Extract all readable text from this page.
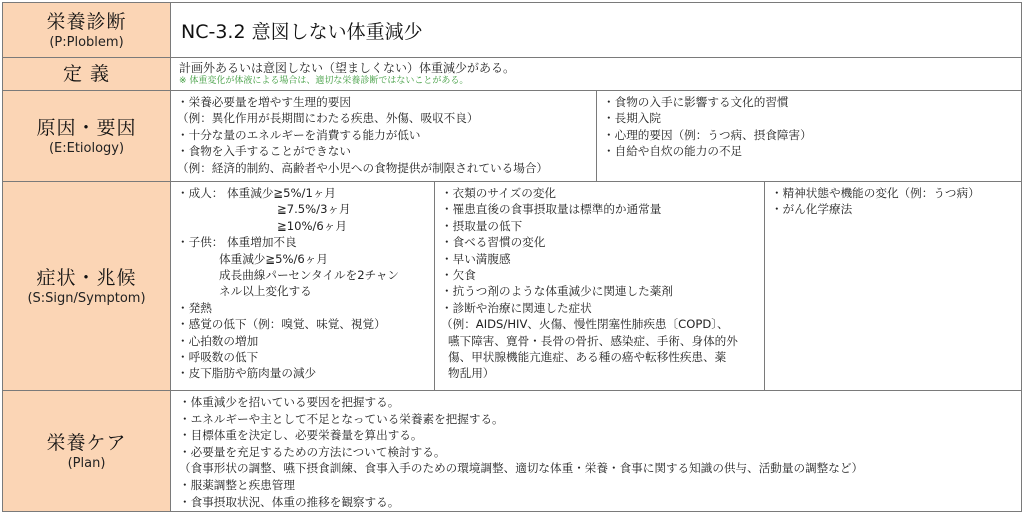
栄養診断
(P:Ploblem)	NC-3.2 意図しない体重減少
定 義	計画外あるいは意図しない（望ましくない）体重減少がある。
※ 体重変化が体液による場合は、適切な栄養診断ではないことがある。
原因・要因
(E:Etiology)
・栄養必要量を増やす生理的要因
（例：異化作用が長期間にわたる疾患、外傷、吸収不良）
・十分な量のエネルギーを消費する能力が低い
・食物を入手することができない
（例：経済的制約、高齢者や小児への食物提供が制限されている場合）
・食物の入手に影響する文化的習慣
・長期入院
・心理的要因（例：うつ病、摂食障害）
・自給や自炊の能力の不足
症状・兆候
(S:Sign/Symptom)
・成人： 体重減少≧5%/1ヶ月
≧7.5%/3ヶ月
≧10%/6ヶ月
・子供： 体重増加不良
体重減少≧5%/6ヶ月
成長曲線パーセンタイルを2チャン
ネル以上変化する
・発熱
・感覚の低下（例：嗅覚、味覚、視覚）
・心拍数の増加
・呼吸数の低下
・皮下脂肪や筋肉量の減少
・衣類のサイズの変化
・罹患直後の食事摂取量は標準的か通常量
・摂取量の低下
・食べる習慣の変化
・早い満腹感
・欠食
・抗うつ剤のような体重減少に関連した薬剤
・診断や治療に関連した症状
（例：AIDS/HIV、火傷、慢性閉塞性肺疾患〔COPD〕、
嚥下障害、寛骨・長骨の骨折、感染症、手術、身体的外
傷、甲状腺機能亢進症、ある種の癌や転移性疾患、薬
物乱用）
・精神状態や機能の変化（例：うつ病）
・がん化学療法
栄養ケア
(Plan)
・体重減少を招いている要因を把握する。
・エネルギーや主として不足となっている栄養素を把握する。
・目標体重を決定し、必要栄養量を算出する。
・必要量を充足するための方法について検討する。
（食事形状の調整、嚥下摂食訓練、食事入手のための環境調整、適切な体重・栄養・食事に関する知識の供与、活動量の調整など）
・服薬調整と疾患管理
・食事摂取状況、体重の推移を観察する。
